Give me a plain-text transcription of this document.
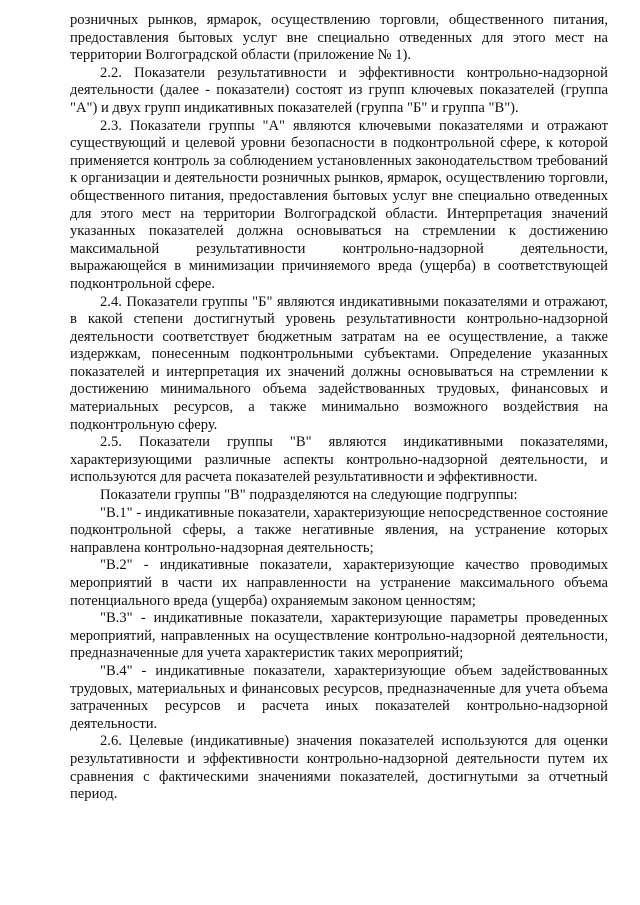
розничных рынков, ярмарок, осуществлению торговли, общественного питания, предоставления бытовых услуг вне специально отведенных для этого мест на территории Волгоградской области (приложение № 1).

2.2. Показатели результативности и эффективности контрольно-надзорной деятельности (далее - показатели) состоят из групп ключевых показателей (группа "А") и двух групп индикативных показателей (группа "Б" и группа "В").

2.3. Показатели группы "А" являются ключевыми показателями и отражают существующий и целевой уровни безопасности в подконтрольной сфере, к которой применяется контроль за соблюдением установленных законодательством требований к организации и деятельности розничных рынков, ярмарок, осуществлению торговли, общественного питания, предоставления бытовых услуг вне специально отведенных для этого мест на территории Волгоградской области. Интерпретация значений указанных показателей должна основываться на стремлении к достижению максимальной результативности контрольно-надзорной деятельности, выражающейся в минимизации причиняемого вреда (ущерба) в соответствующей подконтрольной сфере.

2.4. Показатели группы "Б" являются индикативными показателями и отражают, в какой степени достигнутый уровень результативности контрольно-надзорной деятельности соответствует бюджетным затратам на ее осуществление, а также издержкам, понесенным подконтрольными субъектами. Определение указанных показателей и интерпретация их значений должны основываться на стремлении к достижению минимального объема задействованных трудовых, финансовых и материальных ресурсов, а также минимально возможного воздействия на подконтрольную сферу.

2.5. Показатели группы "В" являются индикативными показателями, характеризующими различные аспекты контрольно-надзорной деятельности, и используются для расчета показателей результативности и эффективности.

Показатели группы "В" подразделяются на следующие подгруппы:

"В.1" - индикативные показатели, характеризующие непосредственное состояние подконтрольной сферы, а также негативные явления, на устранение которых направлена контрольно-надзорная деятельность;

"В.2" - индикативные показатели, характеризующие качество проводимых мероприятий в части их направленности на устранение максимального объема потенциального вреда (ущерба) охраняемым законом ценностям;

"В.3" - индикативные показатели, характеризующие параметры проведенных мероприятий, направленных на осуществление контрольно-надзорной деятельности, предназначенные для учета характеристик таких мероприятий;

"В.4" - индикативные показатели, характеризующие объем задействованных трудовых, материальных и финансовых ресурсов, предназначенные для учета объема затраченных ресурсов и расчета иных показателей контрольно-надзорной деятельности.

2.6. Целевые (индикативные) значения показателей используются для оценки результативности и эффективности контрольно-надзорной деятельности путем их сравнения с фактическими значениями показателей, достигнутыми за отчетный период.
